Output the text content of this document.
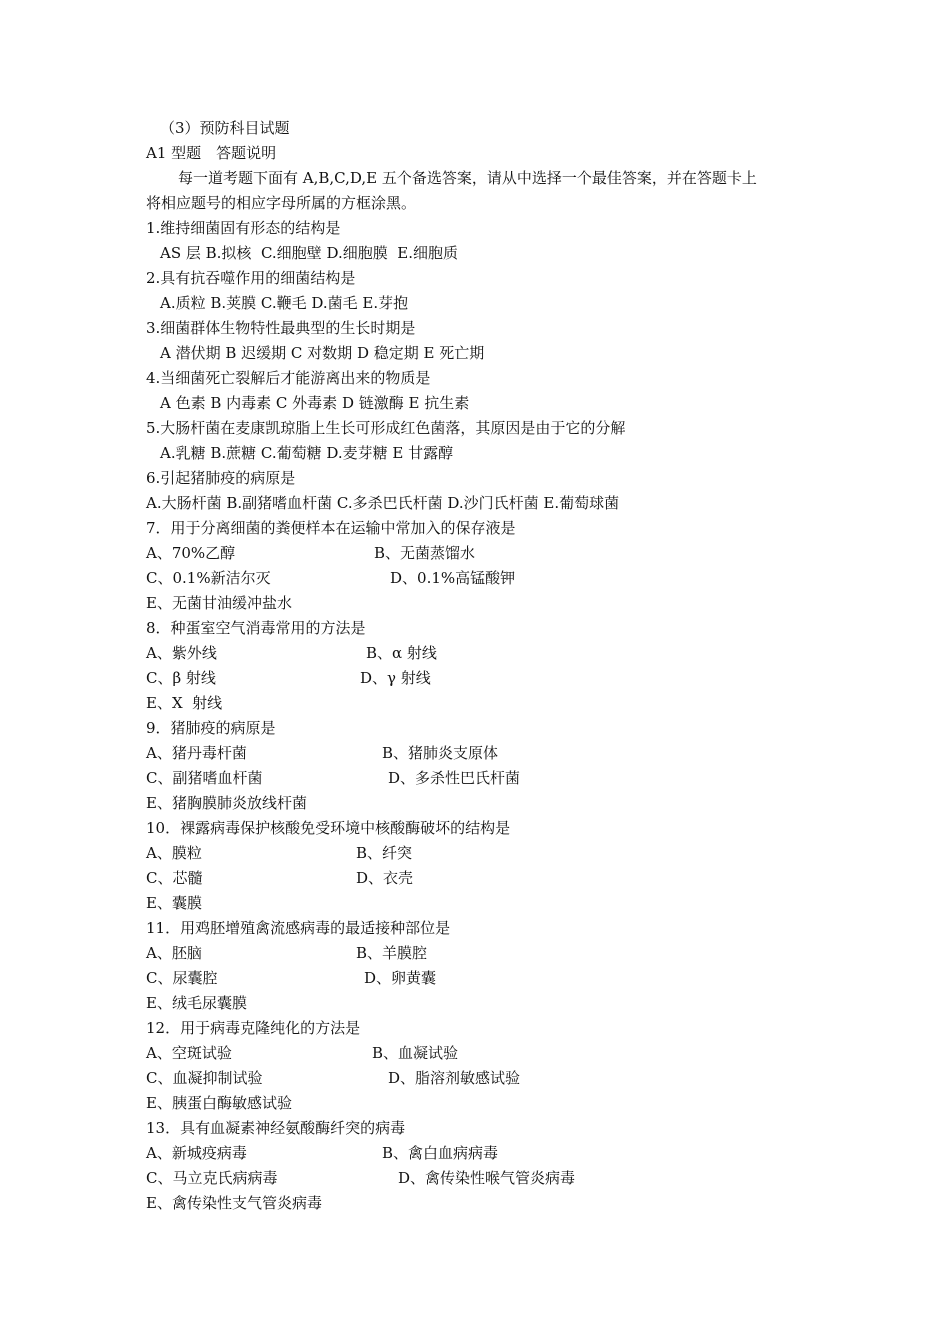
（3）预防科目试题
A1 型题　答题说明
每一道考题下面有 A,B,C,D,E 五个备选答案，请从中选择一个最佳答案，并在答题卡上
将相应题号的相应字母所属的方框涂黑。
1.维持细菌固有形态的结构是
AS 层 B.拟核  C.细胞壁 D.细胞膜  E.细胞质
2.具有抗吞噬作用的细菌结构是
A.质粒 B.荚膜 C.鞭毛 D.菌毛 E.芽抱
3.细菌群体生物特性最典型的生长时期是
A 潜伏期 B 迟缓期 C 对数期 D 稳定期 E 死亡期
4.当细菌死亡裂解后才能游离出来的物质是
A 色素 B 内毒素 C 外毒素 D 链激酶 E 抗生素
5.大肠杆菌在麦康凯琼脂上生长可形成红色菌落，其原因是由于它的分解
A.乳糖 B.蔗糖 C.葡萄糖 D.麦芽糖 E 甘露醇
6.引起猪肺疫的病原是
A.大肠杆菌 B.副猪嗜血杆菌 C.多杀巴氏杆菌 D.沙门氏杆菌 E.葡萄球菌
7．用于分离细菌的粪便样本在运输中常加入的保存液是
A、70%乙醇	B、无菌蒸馏水
C、0.1%新洁尔灭	D、0.1%高锰酸钾
E、无菌甘油缓冲盐水
8．种蛋室空气消毒常用的方法是
A、紫外线	B、α 射线
C、β 射线	D、γ 射线
E、X  射线
9．猪肺疫的病原是
A、猪丹毒杆菌	B、猪肺炎支原体
C、副猪嗜血杆菌	D、多杀性巴氏杆菌
E、猪胸膜肺炎放线杆菌
10．裸露病毒保护核酸免受环境中核酸酶破坏的结构是
A、膜粒	B、纤突
C、芯髓	D、衣壳
E、囊膜
11．用鸡胚增殖禽流感病毒的最适接种部位是
A、胚脑	B、羊膜腔
C、尿囊腔	D、卵黄囊
E、绒毛尿囊膜
12．用于病毒克隆纯化的方法是
A、空斑试验	B、血凝试验
C、血凝抑制试验	D、脂溶剂敏感试验
E、胰蛋白酶敏感试验
13．具有血凝素神经氨酸酶纤突的病毒
A、新城疫病毒	B、禽白血病病毒
C、马立克氏病病毒	D、禽传染性喉气管炎病毒
E、禽传染性支气管炎病毒
